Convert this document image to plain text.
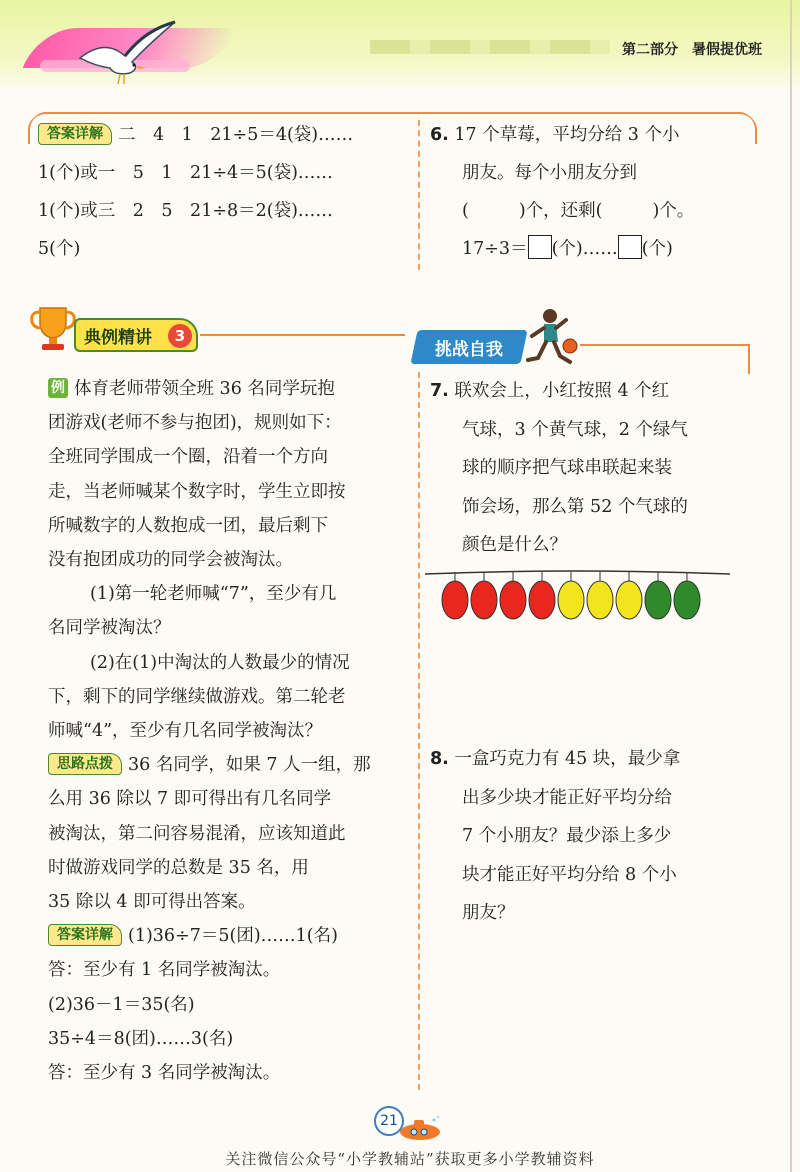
第二部分 暑假提优班
答案详解 二　4　1　21÷5＝4(袋)……
1(个)或一　5　1　21÷4＝5(袋)……
1(个)或三　2　5　21÷8＝2(袋)……
5(个)
6. 17 个草莓，平均分给 3 个小
朋友。每个小朋友分到
(	)个，还剩(	)个。
17÷3＝ (个)…… (个)
典例精讲	3
挑战自我
例 体育老师带领全班 36 名同学玩抱
团游戏(老师不参与抱团)，规则如下：
全班同学围成一个圈，沿着一个方向
走，当老师喊某个数字时，学生立即按
所喊数字的人数抱成一团，最后剩下
没有抱团成功的同学会被淘汰。
(1)第一轮老师喊“7”，至少有几
名同学被淘汰？
(2)在(1)中淘汰的人数最少的情况
下，剩下的同学继续做游戏。第二轮老
师喊“4”，至少有几名同学被淘汰？
思路点拨 36 名同学，如果 7 人一组，那
么用 36 除以 7 即可得出有几名同学
被淘汰，第二问容易混淆，应该知道此
时做游戏同学的总数是 35 名，用
35 除以 4 即可得出答案。
答案详解 (1)36÷7＝5(团)……1(名)
答：至少有 1 名同学被淘汰。
(2)36－1＝35(名)
35÷4＝8(团)……3(名)
答：至少有 3 名同学被淘汰。
7. 联欢会上，小红按照 4 个红
气球，3 个黄气球，2 个绿气
球的顺序把气球串联起来装
饰会场，那么第 52 个气球的
颜色是什么？
8. 一盒巧克力有 45 块，最少拿
出多少块才能正好平均分给
7 个小朋友？最少添上多少
块才能正好平均分给 8 个小
朋友？
21
关注微信公众号“小学教辅站”获取更多小学教辅资料
